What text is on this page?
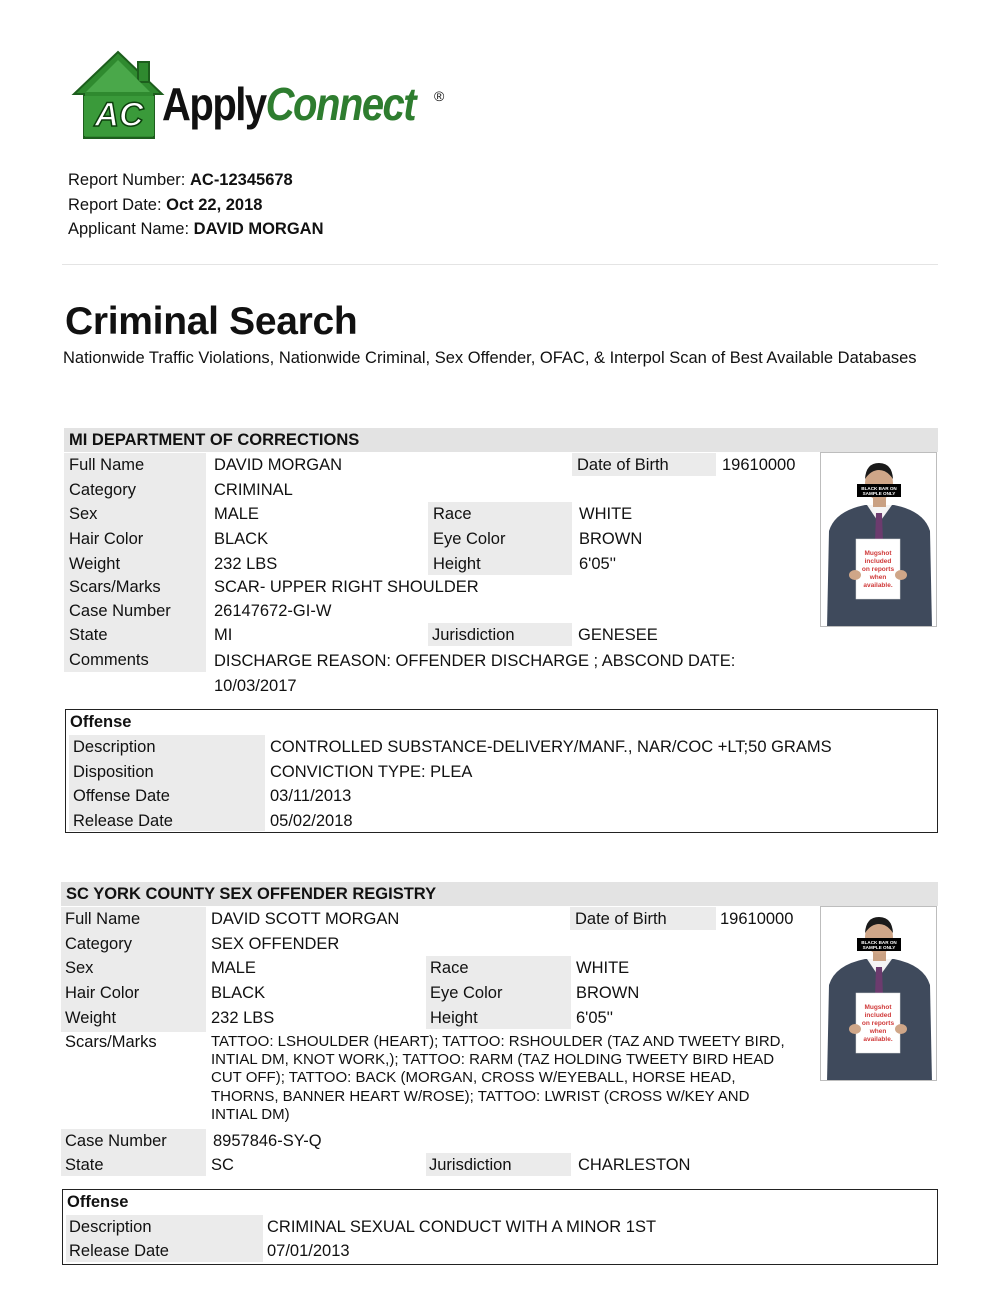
AC ApplyConnect ®
Report Number: AC-12345678
Report Date: Oct 22, 2018
Applicant Name: DAVID MORGAN
Criminal Search
Nationwide Traffic Violations, Nationwide Criminal, Sex Offender, OFAC, & Interpol Scan of Best Available Databases
MI DEPARTMENT OF CORRECTIONS
Full Name	DAVID MORGAN	Date of Birth	19610000
Category	CRIMINAL
Sex	MALE	Race	WHITE
Hair Color	BLACK	Eye Color	BROWN
Weight	232 LBS	Height	6'05''
Scars/Marks	SCAR- UPPER RIGHT SHOULDER
Case Number	26147672-GI-W
State	MI	Jurisdiction	GENESEE
Comments	DISCHARGE REASON: OFFENDER DISCHARGE ; ABSCOND DATE: 10/03/2017
BLACK BAR ON
SAMPLE ONLY
Mugshot
included
on reports
when
available.
Offense
Description	CONTROLLED SUBSTANCE-DELIVERY/MANF., NAR/COC +LT;50 GRAMS
Disposition	CONVICTION TYPE: PLEA
Offense Date	03/11/2013
Release Date	05/02/2018
SC YORK COUNTY SEX OFFENDER REGISTRY
Full Name	DAVID SCOTT MORGAN	Date of Birth	19610000
Category	SEX OFFENDER
Sex	MALE	Race	WHITE
Hair Color	BLACK	Eye Color	BROWN
Weight	232 LBS	Height	6'05''
Scars/Marks	TATTOO: LSHOULDER (HEART); TATTOO: RSHOULDER (TAZ AND TWEETY BIRD, INTIAL DM, KNOT WORK,); TATTOO: RARM (TAZ HOLDING TWEETY BIRD HEAD CUT OFF); TATTOO: BACK (MORGAN, CROSS W/EYEBALL, HORSE HEAD, THORNS, BANNER HEART W/ROSE); TATTOO: LWRIST (CROSS W/KEY AND INTIAL DM)
Case Number	8957846-SY-Q
State	SC	Jurisdiction	CHARLESTON
BLACK BAR ON
SAMPLE ONLY
Mugshot
included
on reports
when
available.
Offense
Description	CRIMINAL SEXUAL CONDUCT WITH A MINOR 1ST
Release Date	07/01/2013
